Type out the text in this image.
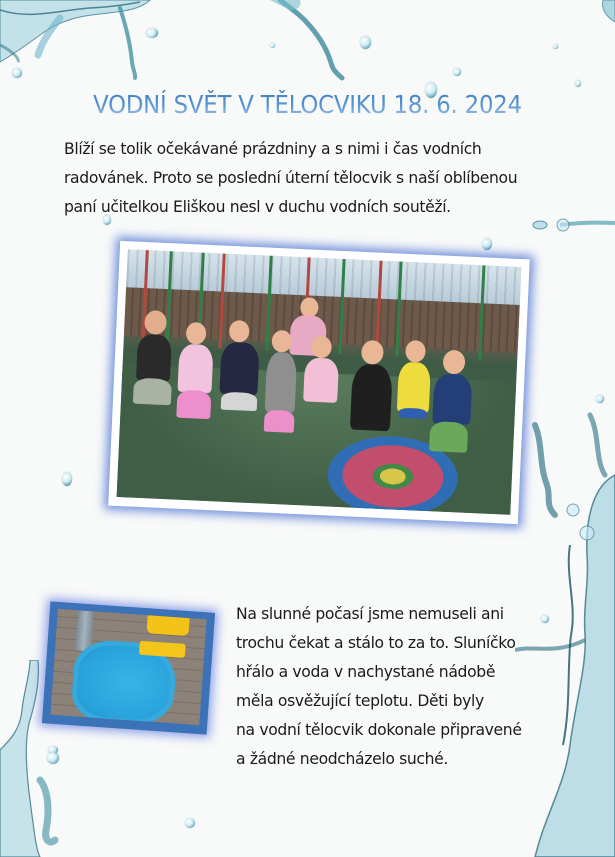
VODNÍ SVĚT V TĚLOCVIKU 18. 6. 2024
Blíží se tolik očekávané prázdniny a s nimi i čas vodních
radovánek. Proto se poslední úterní tělocvik s naší oblíbenou
paní učitelkou Eliškou nesl v duchu vodních soutěží.
Na slunné počasí jsme nemuseli ani
trochu čekat a stálo to za to. Sluníčko
hřálo a voda v nachystané nádobě
měla osvěžující teplotu. Děti byly
na vodní tělocvik dokonale připravené
a žádné neodcházelo suché.
